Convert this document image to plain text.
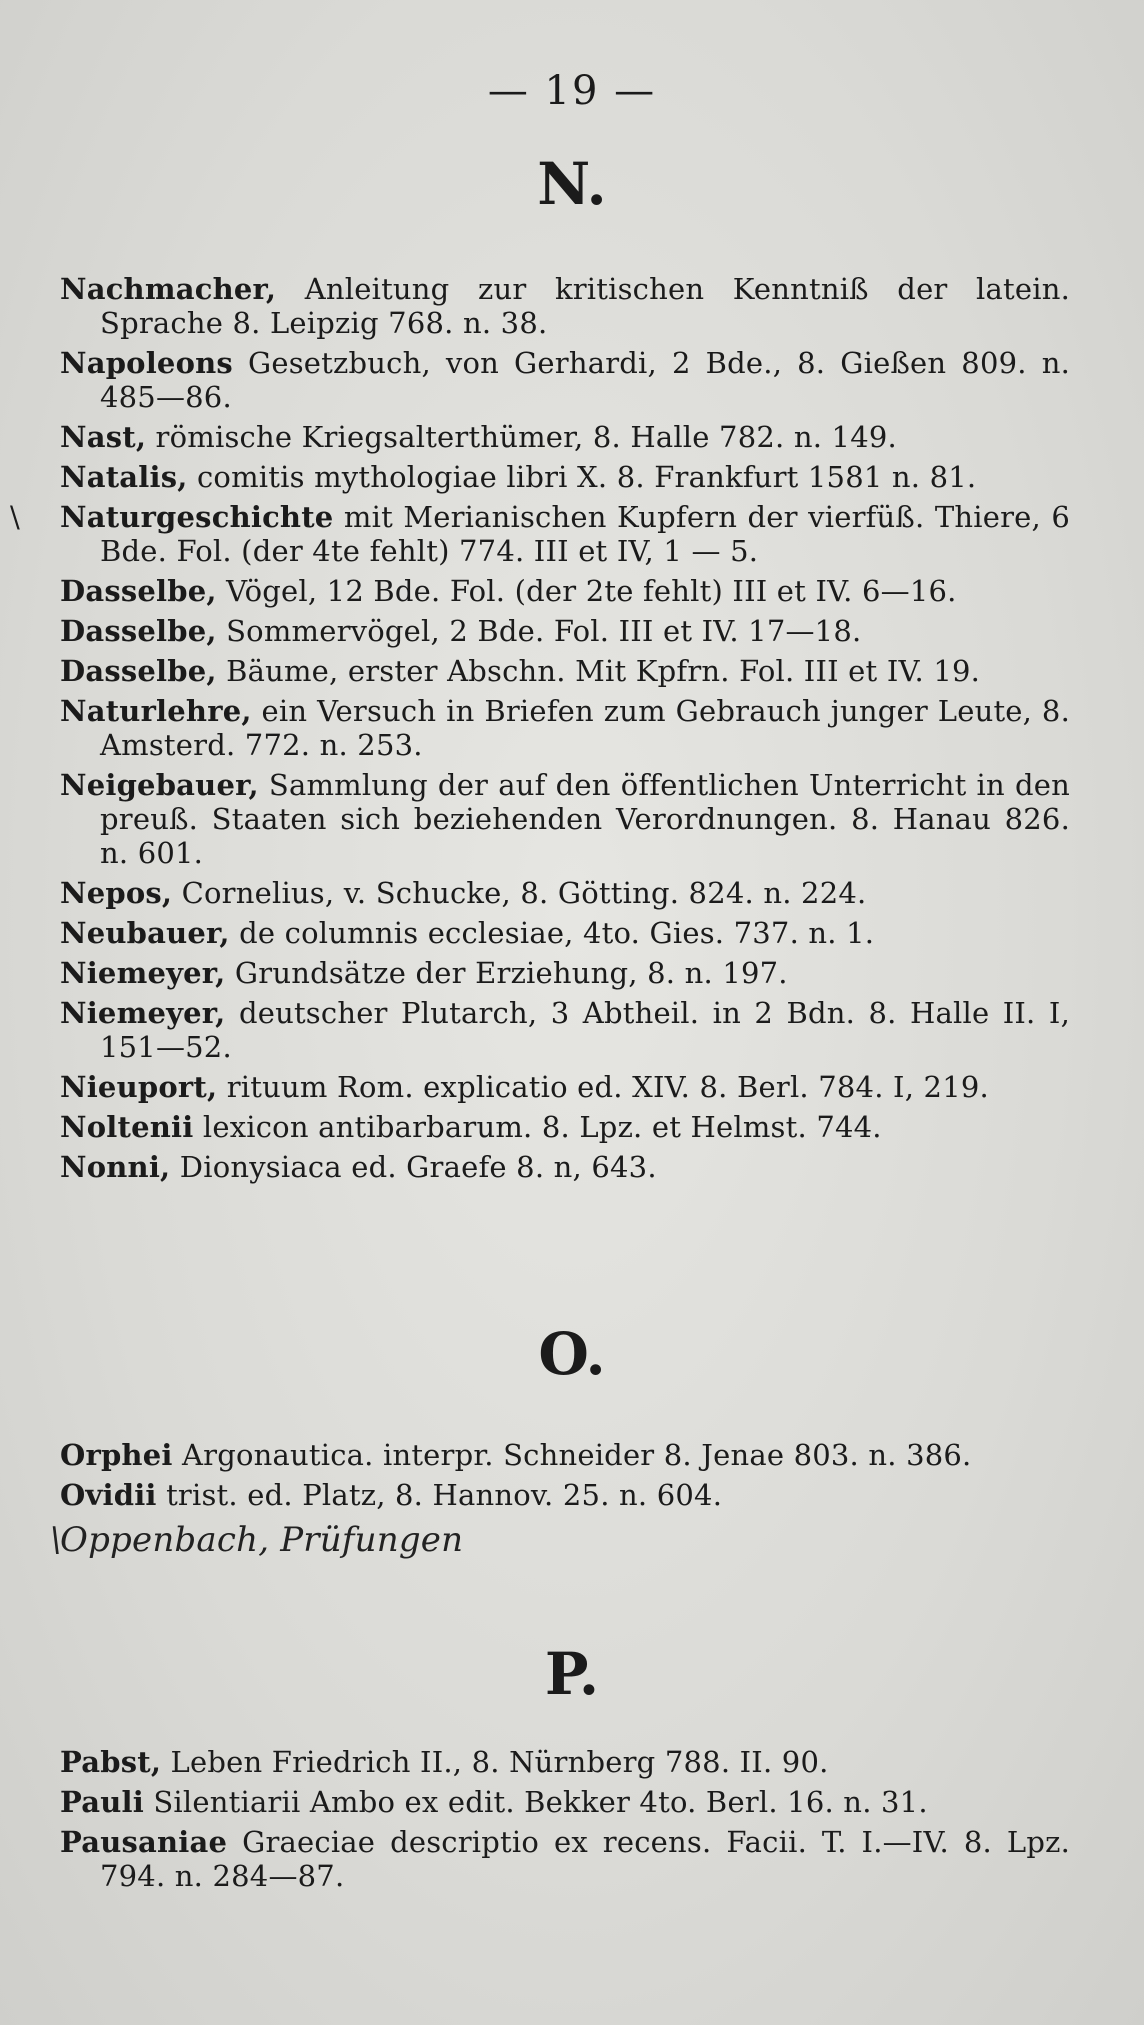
— 19 —
N.

Nachmacher, Anleitung zur kritischen Kenntniß der latein. Sprache 8. Leipzig 768. n. 38.

Napoleons Gesetzbuch, von Gerhardi, 2 Bde., 8. Gießen 809. n. 485—86.

Nast, römische Kriegsalterthümer, 8. Halle 782. n. 149.

Natalis, comitis mythologiae libri X. 8. Frankfurt 1581 n. 81.

\ Naturgeschichte mit Merianischen Kupfern der vierfüß. Thiere, 6 Bde. Fol. (der 4te fehlt) 774. III et IV, 1 — 5.

Dasselbe, Vögel, 12 Bde. Fol. (der 2te fehlt) III et IV. 6—16.

Dasselbe, Sommervögel, 2 Bde. Fol. III et IV. 17—18.

Dasselbe, Bäume, erster Abschn. Mit Kpfrn. Fol. III et IV. 19.

Naturlehre, ein Versuch in Briefen zum Gebrauch junger Leute, 8. Amsterd. 772. n. 253.

Neigebauer, Sammlung der auf den öffentlichen Unterricht in den preuß. Staaten sich beziehenden Verordnungen. 8. Hanau 826. n. 601.

Nepos, Cornelius, v. Schucke, 8. Götting. 824. n. 224.

Neubauer, de columnis ecclesiae, 4to. Gies. 737. n. 1.

Niemeyer, Grundsätze der Erziehung, 8. n. 197.

Niemeyer, deutscher Plutarch, 3 Abtheil. in 2 Bdn. 8. Halle II. I, 151—52.

Nieuport, rituum Rom. explicatio ed. XIV. 8. Berl. 784. I, 219.

Noltenii lexicon antibarbarum. 8. Lpz. et Helmst. 744.

Nonni, Dionysiaca ed. Graefe 8. n, 643.

O.

Orphei Argonautica. interpr. Schneider 8. Jenae 803. n. 386.

Ovidii trist. ed. Platz, 8. Hannov. 25. n. 604.

\Oppenbach, Prüfungen

P.

Pabst, Leben Friedrich II., 8. Nürnberg 788. II. 90.

Pauli Silentiarii Ambo ex edit. Bekker 4to. Berl. 16. n. 31.

Pausaniae Graeciae descriptio ex recens. Facii. T. I.—IV. 8. Lpz. 794. n. 284—87.
